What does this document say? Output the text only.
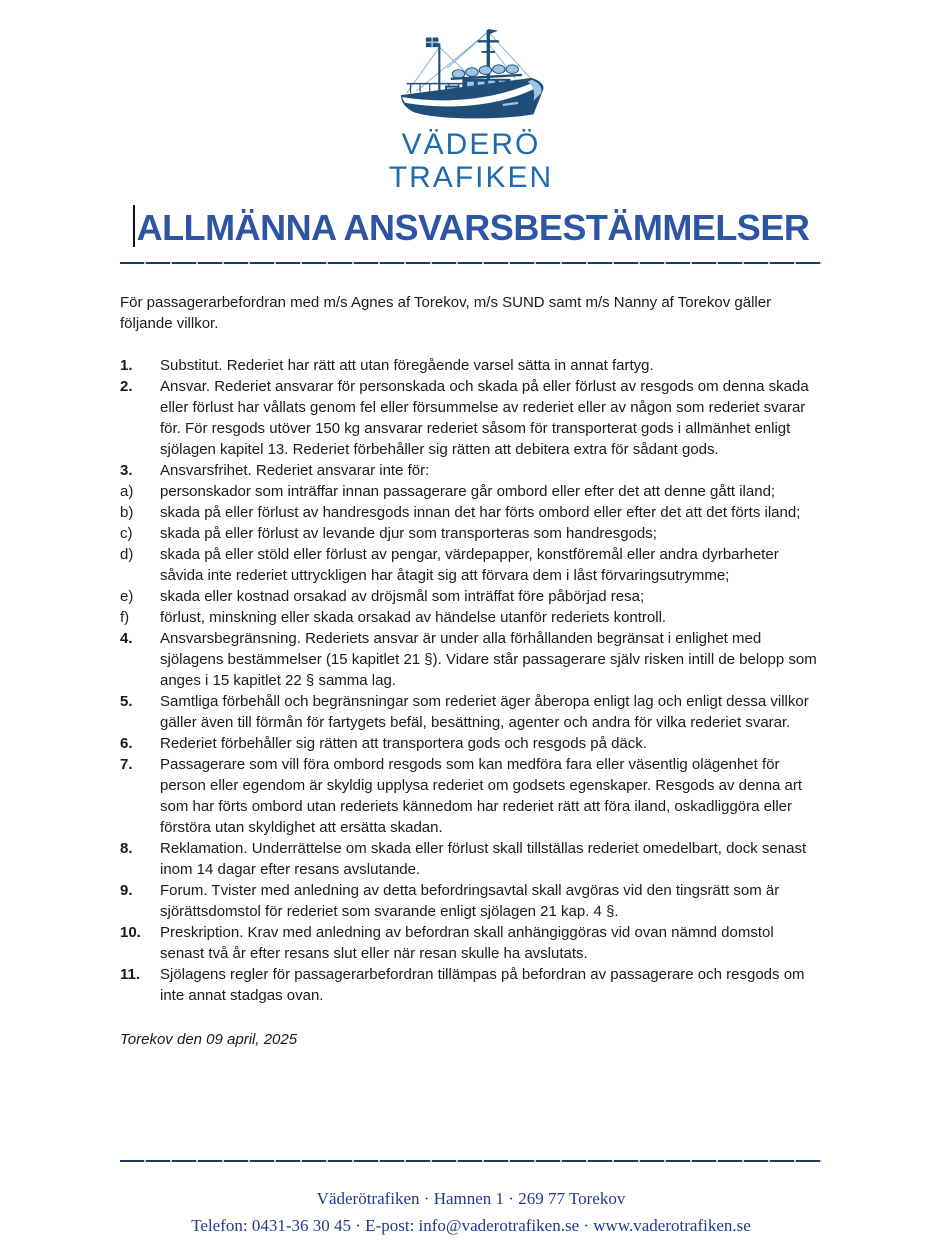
VÄDERÖ
TRAFIKEN
ALLMÄNNA ANSVARSBESTÄMMELSER

För passagerarbefordran med m/s Agnes af Torekov, m/s SUND samt m/s Nanny af Torekov gäller följande villkor.

1.	Substitut. Rederiet har rätt att utan föregående varsel sätta in annat fartyg.
2.	Ansvar. Rederiet ansvarar för personskada och skada på eller förlust av resgods om denna skada eller förlust har vållats genom fel eller försummelse av rederiet eller av någon som rederiet svarar för. För resgods utöver 150 kg ansvarar rederiet såsom för transporterat gods i allmänhet enligt sjölagen kapitel 13. Rederiet förbehåller sig rätten att debitera extra för sådant gods.
3.	Ansvarsfrihet. Rederiet ansvarar inte för:
a)	personskador som inträffar innan passagerare går ombord eller efter det att denne gått iland;
b)	skada på eller förlust av handresgods innan det har förts ombord eller efter det att det förts iland;
c)	skada på eller förlust av levande djur som transporteras som handresgods;
d)	skada på eller stöld eller förlust av pengar, värdepapper, konstföremål eller andra dyrbarheter såvida inte rederiet uttryckligen har åtagit sig att förvara dem i låst förvaringsutrymme;
e)	skada eller kostnad orsakad av dröjsmål som inträffat före påbörjad resa;
f)	förlust, minskning eller skada orsakad av händelse utanför rederiets kontroll.
4.	Ansvarsbegränsning. Rederiets ansvar är under alla förhållanden begränsat i enlighet med sjölagens bestämmelser (15 kapitlet 21 §). Vidare står passagerare själv risken intill de belopp som anges i 15 kapitlet 22 § samma lag.
5.	Samtliga förbehåll och begränsningar som rederiet äger åberopa enligt lag och enligt dessa villkor gäller även till förmån för fartygets befäl, besättning, agenter och andra för vilka rederiet svarar.
6.	Rederiet förbehåller sig rätten att transportera gods och resgods på däck.
7.	Passagerare som vill föra ombord resgods som kan medföra fara eller väsentlig olägenhet för person eller egendom är skyldig upplysa rederiet om godsets egenskaper. Resgods av denna art som har förts ombord utan rederiets kännedom har rederiet rätt att föra iland, oskadliggöra eller förstöra utan skyldighet att ersätta skadan.
8.	Reklamation. Underrättelse om skada eller förlust skall tillställas rederiet omedelbart, dock senast inom 14 dagar efter resans avslutande.
9.	Forum. Tvister med anledning av detta befordringsavtal skall avgöras vid den tingsrätt som är sjörättsdomstol för rederiet som svarande enligt sjölagen 21 kap. 4 §.
10.	Preskription. Krav med anledning av befordran skall anhängiggöras vid ovan nämnd domstol senast två år efter resans slut eller när resan skulle ha avslutats.
11.	Sjölagens regler för passagerarbefordran tillämpas på befordran av passagerare och resgods om inte annat stadgas ovan.

Torekov den 09 april, 2025

Väderötrafiken · Hamnen 1 · 269 77 Torekov
Telefon: 0431-36 30 45 · E-post: info@vaderotrafiken.se · www.vaderotrafiken.se
